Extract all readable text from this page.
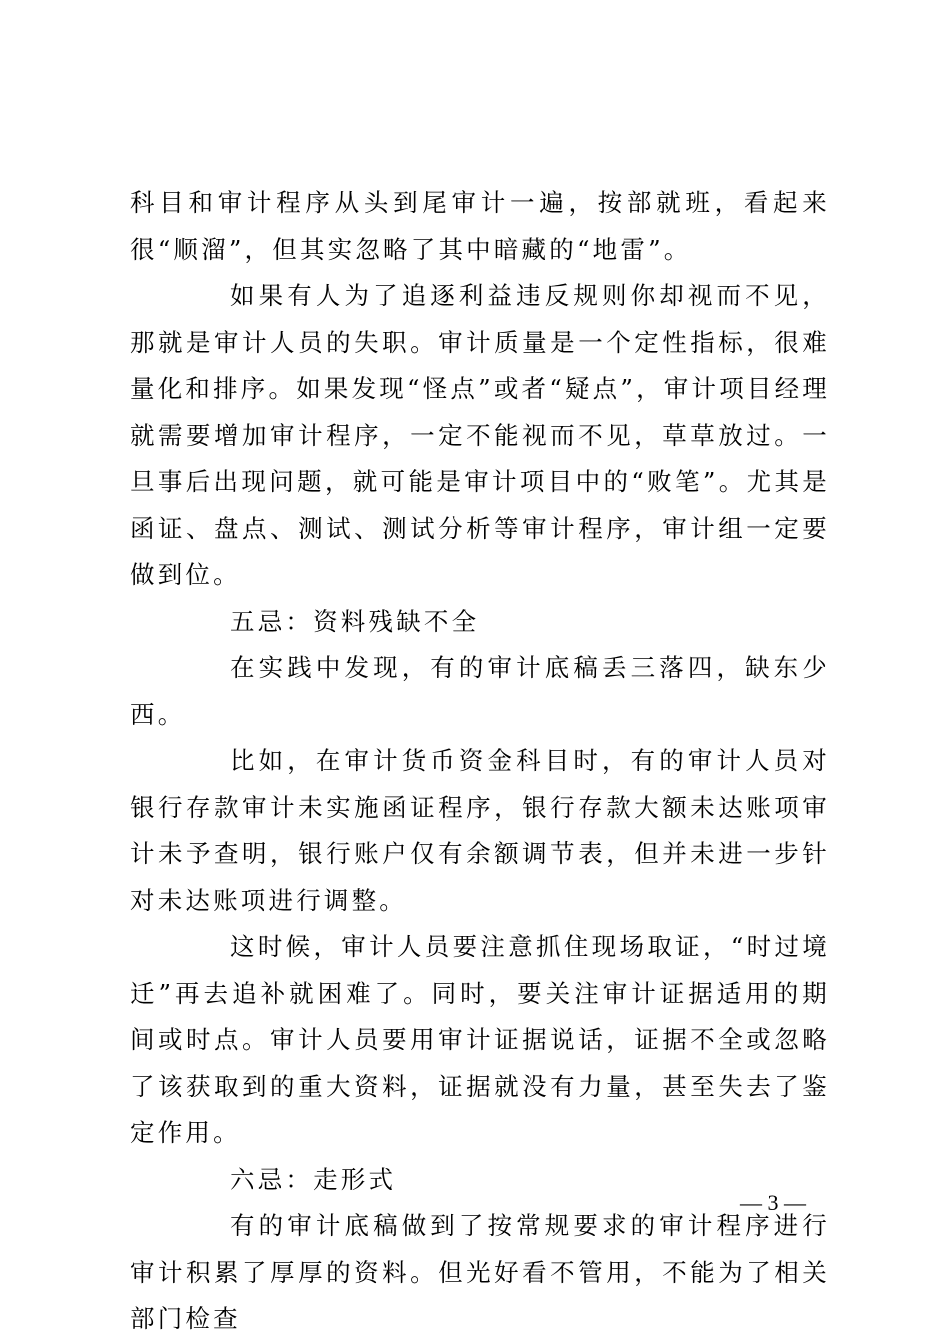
科目和审计程序从头到尾审计一遍，按部就班，看起来很“顺溜”，但其实忽略了其中暗藏的“地雷”。

如果有人为了追逐利益违反规则你却视而不见，那就是审计人员的失职。审计质量是一个定性指标，很难量化和排序。如果发现“怪点”或者“疑点”，审计项目经理就需要增加审计程序，一定不能视而不见，草草放过。一旦事后出现问题，就可能是审计项目中的“败笔”。尤其是函证、盘点、测试、测试分析等审计程序，审计组一定要做到位。

五忌：资料残缺不全

在实践中发现，有的审计底稿丢三落四，缺东少西。

比如，在审计货币资金科目时，有的审计人员对银行存款审计未实施函证程序，银行存款大额未达账项审计未予查明，银行账户仅有余额调节表，但并未进一步针对未达账项进行调整。

这时候，审计人员要注意抓住现场取证，“时过境迁”再去追补就困难了。同时，要关注审计证据适用的期间或时点。审计人员要用审计证据说话，证据不全或忽略了该获取到的重大资料，证据就没有力量，甚至失去了鉴定作用。

六忌：走形式

有的审计底稿做到了按常规要求的审计程序进行审计积累了厚厚的资料。但光好看不管用，不能为了相关部门检查

— 3 —
